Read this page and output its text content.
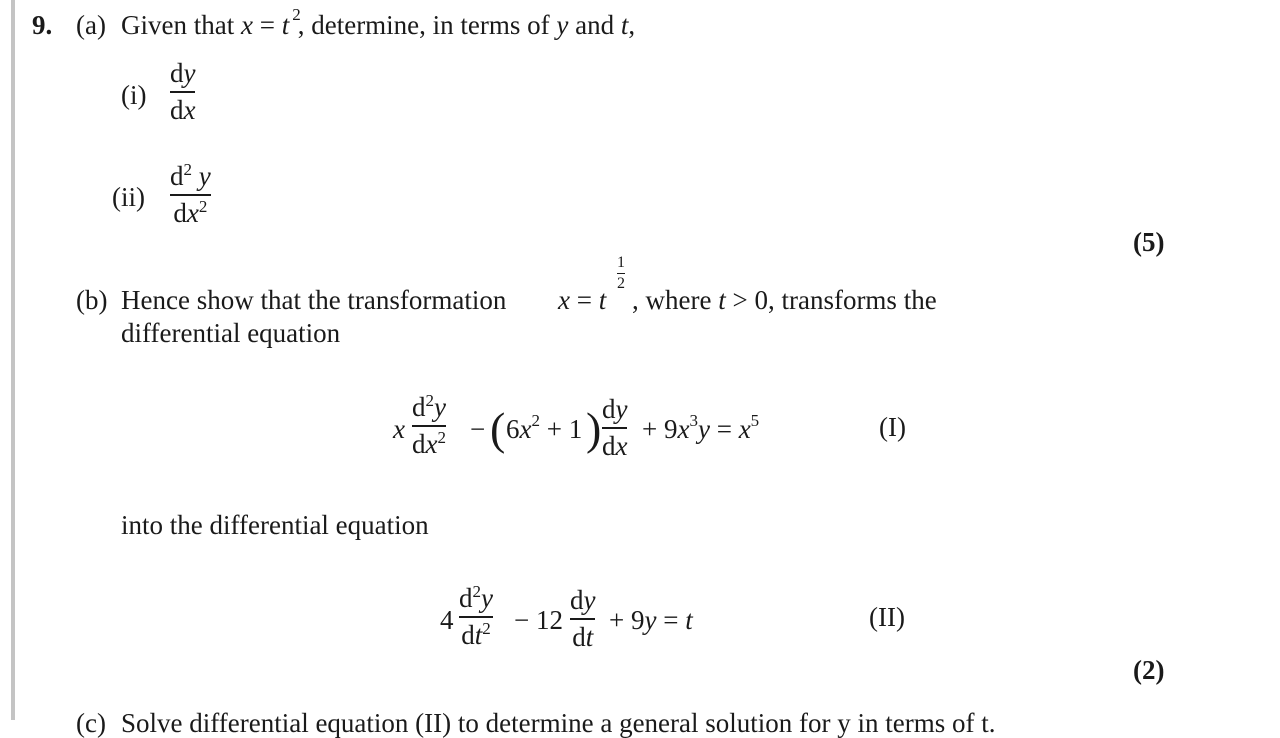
9. (a) Given that x = t $^2$, determine, in terms of y and t,
(i)
dy
dx
(ii)
$d^2$ y
$dx^2$
(5)
(b) Hence show that the transformation x = t
1
2
, where t > 0, transforms the
differential equation
x
$d^2y$
$dx^2$ − ( $6x^2 + 1$ ) dy
dx
+ $9x^3y = x^5$	(I)
into the differential equation
4
$d^2y$
$dt^2 - 12$
dy
dt
+ 9y = t	(II)
(2)
(c) Solve differential equation (II) to determine a general solution for y in terms of t.
